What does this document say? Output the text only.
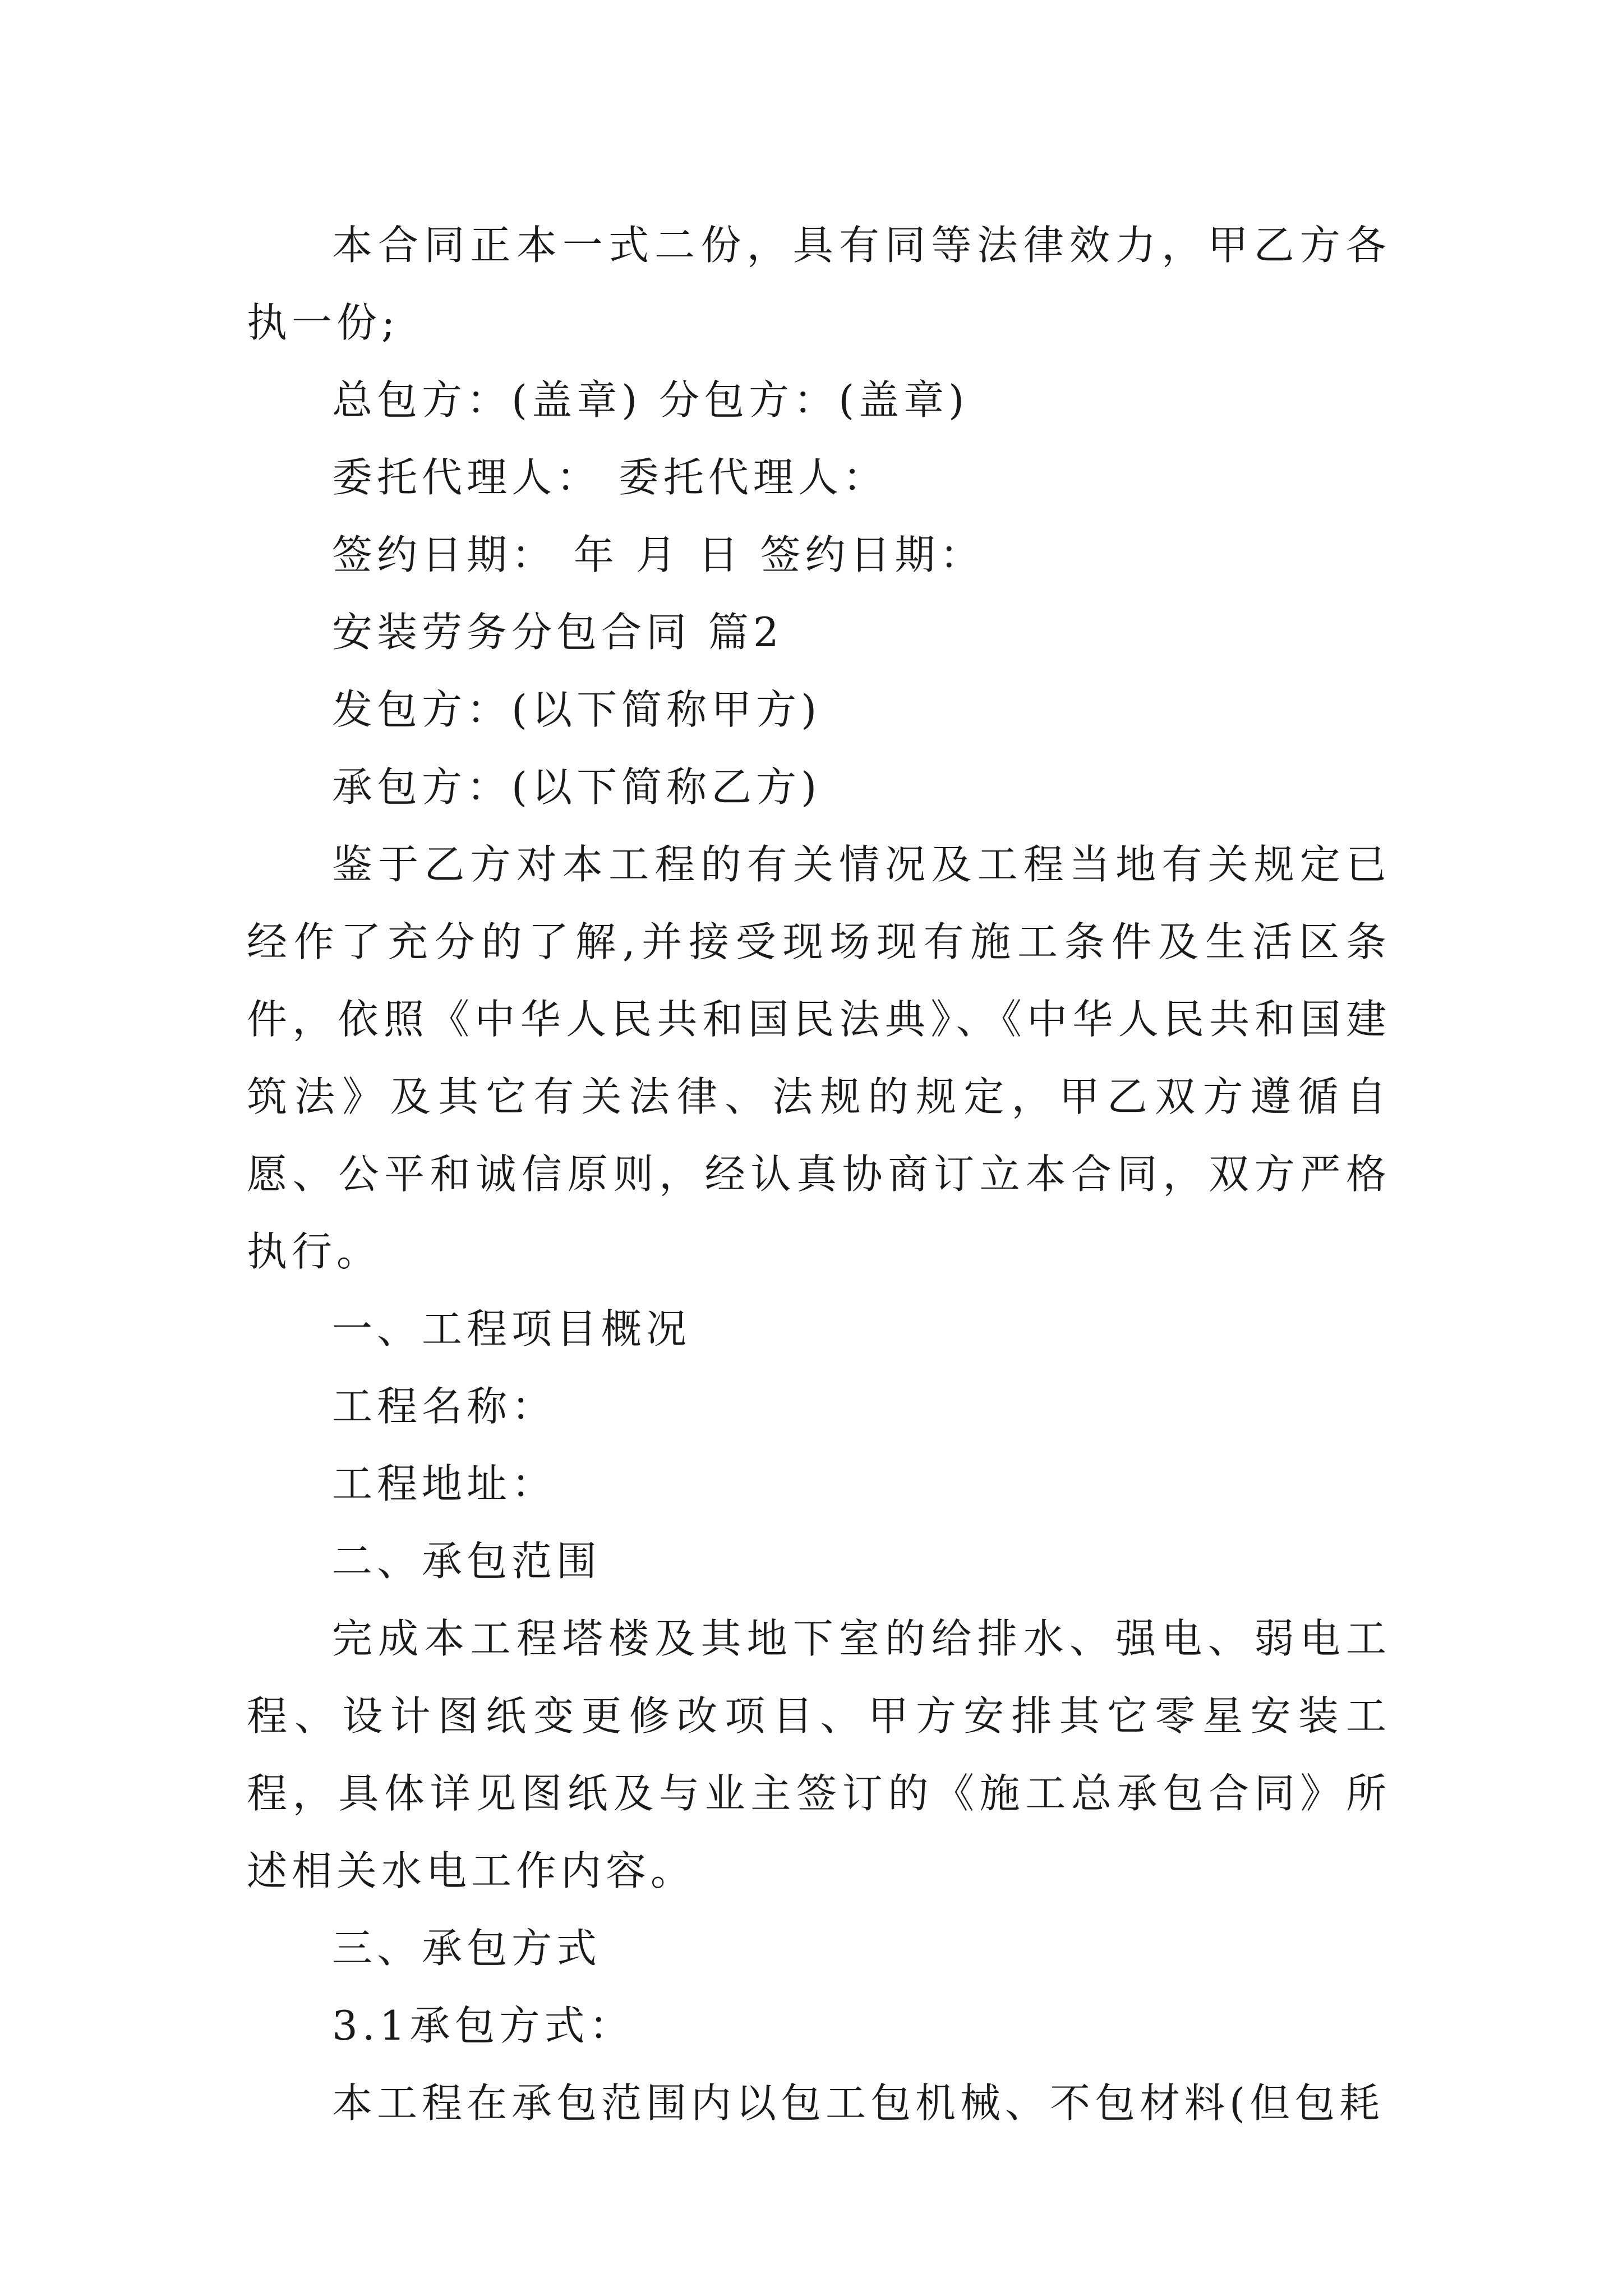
本合同正本一式二份，具有同等法律效力，甲乙方各执一份;

总包方：(盖章) 分包方：(盖章)

委托代理人： 委托代理人：

签约日期： 年 月 日 签约日期：

安装劳务分包合同 篇2

发包方：(以下简称甲方)

承包方：(以下简称乙方)

鉴于乙方对本工程的有关情况及工程当地有关规定已经作了充分的了解,并接受现场现有施工条件及生活区条件，依照《中华人民共和国民法典》、《中华人民共和国建筑法》及其它有关法律、法规的规定，甲乙双方遵循自愿、公平和诚信原则，经认真协商订立本合同，双方严格执行。

一、工程项目概况

工程名称：

工程地址：

二、承包范围

完成本工程塔楼及其地下室的给排水、强电、弱电工程、设计图纸变更修改项目、甲方安排其它零星安装工程，具体详见图纸及与业主签订的《施工总承包合同》所述相关水电工作内容。

三、承包方式

3.1承包方式：

本工程在承包范围内以包工包机械、不包材料(但包耗
